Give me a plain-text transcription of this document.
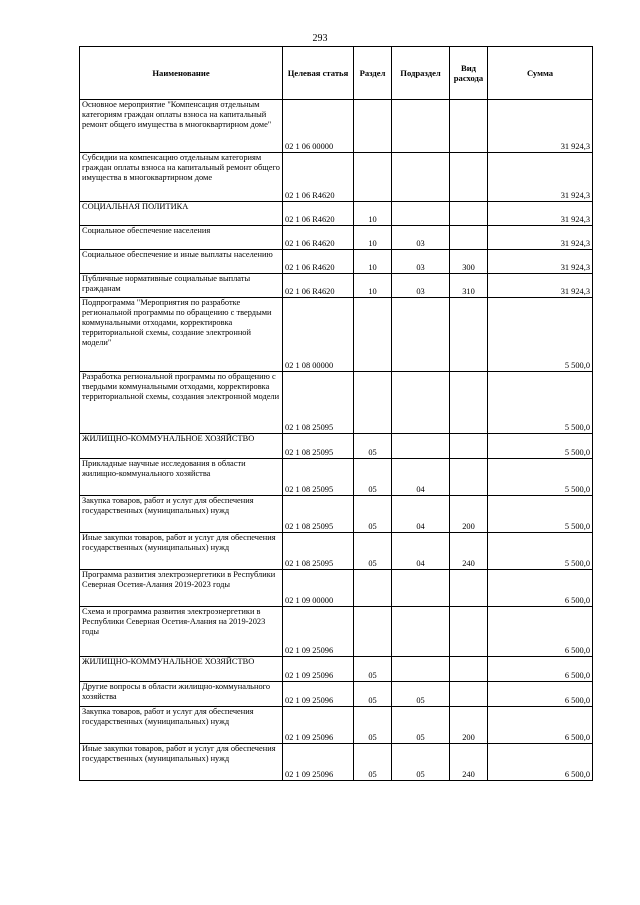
293
Наименование	Целевая статья	Раздел	Подраздел	Вид расхода	Сумма
Основное мероприятие "Компенсация отдельным категориям граждан оплаты взноса на капитальный ремонт общего имущества в многоквартирном доме"	02 1 06 00000				31 924,3
Субсидии на компенсацию отдельным категориям граждан оплаты взноса на капитальный ремонт общего имущества в многоквартирном доме	02 1 06 R4620				31 924,3
СОЦИАЛЬНАЯ ПОЛИТИКА	02 1 06 R4620	10			31 924,3
Социальное обеспечение населения	02 1 06 R4620	10	03		31 924,3
Социальное обеспечение и иные выплаты населению	02 1 06 R4620	10	03	300	31 924,3
Публичные нормативные социальные выплаты гражданам	02 1 06 R4620	10	03	310	31 924,3
Подпрограмма "Мероприятия по разработке региональной программы по обращению с твердыми коммунальными отходами, корректировка территориальной схемы, создание электронной модели"	02 1 08 00000				5 500,0
Разработка региональной программы по обращению с твердыми коммунальными отходами, корректировка территориальной схемы, создания электронной модели	02 1 08 25095				5 500,0
ЖИЛИЩНО-КОММУНАЛЬНОЕ ХОЗЯЙСТВО	02 1 08 25095	05			5 500,0
Прикладные научные исследования в области жилищно-коммунального хозяйства	02 1 08 25095	05	04		5 500,0
Закупка товаров, работ и услуг для обеспечения государственных (муниципальных) нужд	02 1 08 25095	05	04	200	5 500,0
Иные закупки товаров, работ и услуг для обеспечения государственных (муниципальных) нужд	02 1 08 25095	05	04	240	5 500,0
Программа развития электроэнергетики в Республики Северная Осетия-Алания 2019-2023 годы	02 1 09 00000				6 500,0
Схема и программа развития электроэнергетики в Республики Северная Осетия-Алания на 2019-2023 годы	02 1 09 25096				6 500,0
ЖИЛИЩНО-КОММУНАЛЬНОЕ ХОЗЯЙСТВО	02 1 09 25096	05			6 500,0
Другие вопросы в области жилищно-коммунального хозяйства	02 1 09 25096	05	05		6 500,0
Закупка товаров, работ и услуг для обеспечения государственных (муниципальных) нужд	02 1 09 25096	05	05	200	6 500,0
Иные закупки товаров, работ и услуг для обеспечения государственных (муниципальных) нужд	02 1 09 25096	05	05	240	6 500,0
